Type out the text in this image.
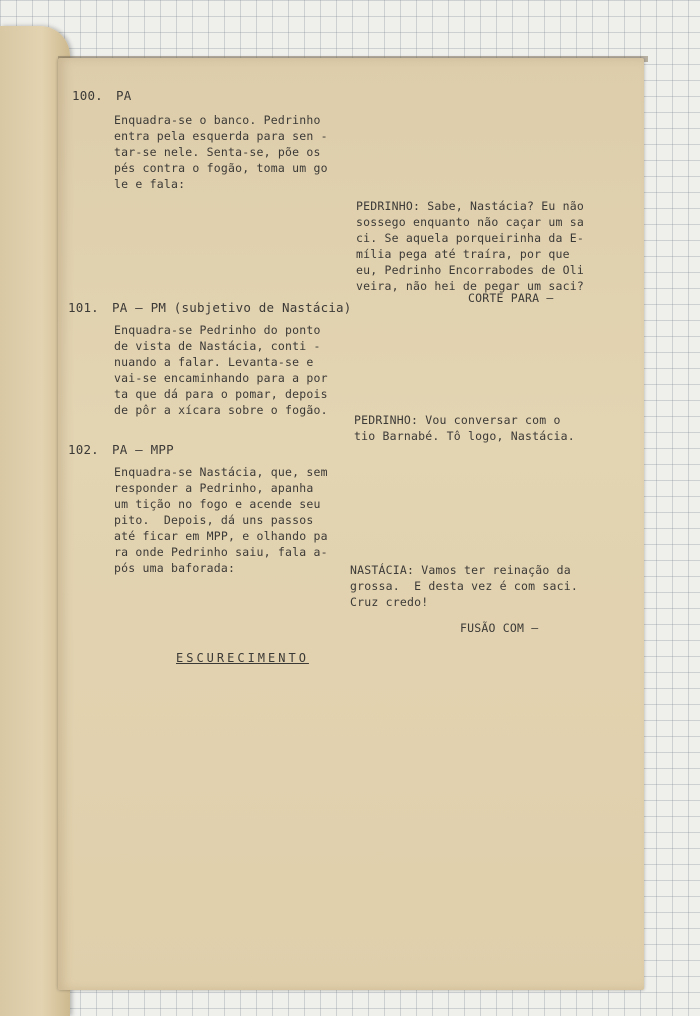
100. PA
Enquadra-se o banco. Pedrinho
entra pela esquerda para sen -
tar-se nele. Senta-se, põe os
pés contra o fogão, toma um go
le e fala:
PEDRINHO: Sabe, Nastácia? Eu não
sossego enquanto não caçar um sa
ci. Se aquela porqueirinha da E-
mília pega até traíra, por que
eu, Pedrinho Encorrabodes de Oli
veira, não hei de pegar um saci?
CORTE PARA —
101. PA — PM (subjetivo de Nastácia)
Enquadra-se Pedrinho do ponto
de vista de Nastácia, conti -
nuando a falar. Levanta-se e
vai-se encaminhando para a por
ta que dá para o pomar, depois
de pôr a xícara sobre o fogão.
PEDRINHO: Vou conversar com o
tio Barnabé. Tô logo, Nastácia.
102. PA — MPP
Enquadra-se Nastácia, que, sem
responder a Pedrinho, apanha
um tição no fogo e acende seu
pito.  Depois, dá uns passos
até ficar em MPP, e olhando pa
ra onde Pedrinho saiu, fala a-
pós uma baforada:	NASTÁCIA: Vamos ter reinação da
grossa.  E desta vez é com saci.
Cruz credo!
FUSÃO COM —
ESCURECIMENTO
